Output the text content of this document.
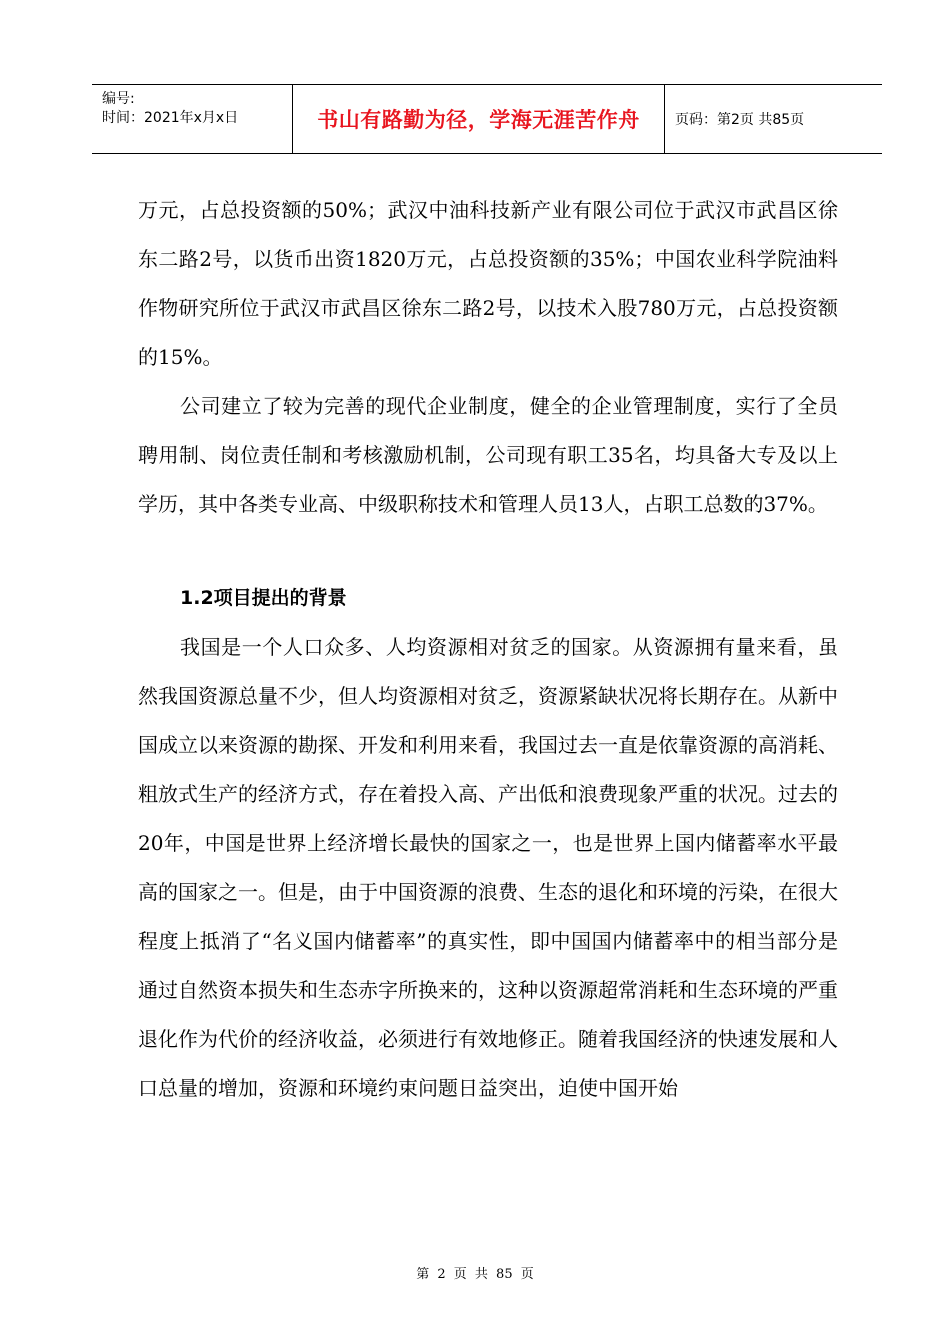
编号:
时间：2021年x月x日	书山有路勤为径，学海无涯苦作舟	页码：第2页 共85页

万元，占总投资额的50%；武汉中油科技新产业有限公司位于武汉市武昌区徐东二路2号，以货币出资1820万元，占总投资额的35%；中国农业科学院油料作物研究所位于武汉市武昌区徐东二路2号，以技术入股780万元，占总投资额的15%。

公司建立了较为完善的现代企业制度，健全的企业管理制度，实行了全员聘用制、岗位责任制和考核激励机制，公司现有职工35名，均具备大专及以上学历，其中各类专业高、中级职称技术和管理人员13人，占职工总数的37%。

1.2项目提出的背景

我国是一个人口众多、人均资源相对贫乏的国家。从资源拥有量来看，虽然我国资源总量不少，但人均资源相对贫乏，资源紧缺状况将长期存在。从新中国成立以来资源的勘探、开发和利用来看，我国过去一直是依靠资源的高消耗、粗放式生产的经济方式，存在着投入高、产出低和浪费现象严重的状况。过去的20年，中国是世界上经济增长最快的国家之一，也是世界上国内储蓄率水平最高的国家之一。但是，由于中国资源的浪费、生态的退化和环境的污染，在很大程度上抵消了“名义国内储蓄率”的真实性，即中国国内储蓄率中的相当部分是通过自然资本损失和生态赤字所换来的，这种以资源超常消耗和生态环境的严重退化作为代价的经济收益，必须进行有效地修正。随着我国经济的快速发展和人口总量的增加，资源和环境约束问题日益突出，迫使中国开始

第 2 页 共 85 页
